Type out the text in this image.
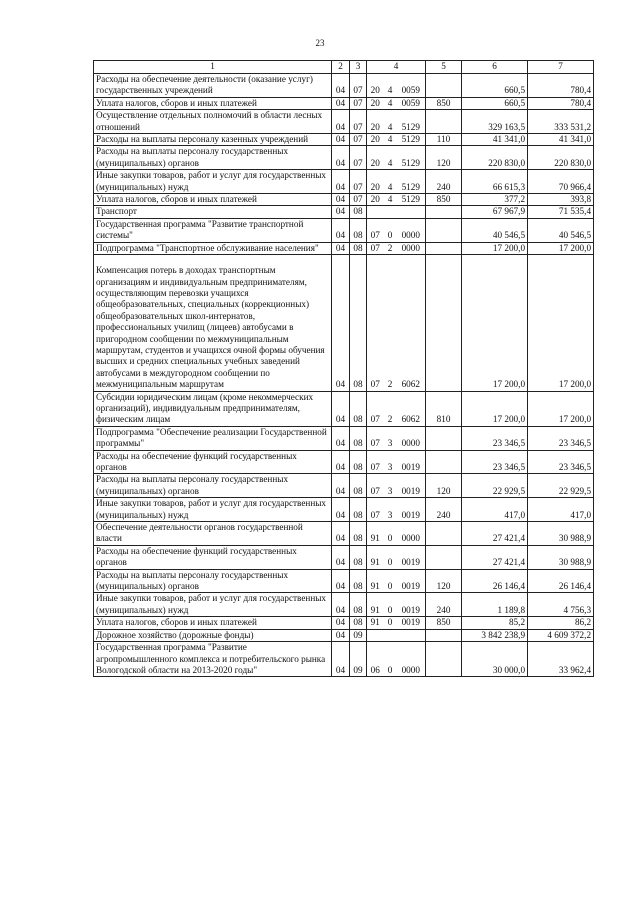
23
1	2	3	4			5	6	7
Расходы на обеспечение деятельности (оказание услуг) государственных учреждений	04	07	20	4	0059		660,5	780,4
Уплата налогов, сборов и иных платежей	04	07	20	4	0059	850	660,5	780,4
Осуществление отдельных полномочий в области лесных отношений	04	07	20	4	5129		329 163,5	333 531,2
Расходы на выплаты персоналу казенных учреждений	04	07	20	4	5129	110	41 341,0	41 341,0
Расходы на выплаты персоналу государственных (муниципальных) органов	04	07	20	4	5129	120	220 830,0	220 830,0
Иные закупки товаров, работ и услуг для государственных (муниципальных) нужд	04	07	20	4	5129	240	66 615,3	70 966,4
Уплата налогов, сборов и иных платежей	04	07	20	4	5129	850	377,2	393,8
Транспорт	04	08					67 967,9	71 535,4
Государственная программа "Развитие транспортной системы"	04	08	07	0	0000		40 546,5	40 546,5
Подпрограмма "Транспортное обслуживание населения"	04	08	07	2	0000		17 200,0	17 200,0
Компенсация потерь в доходах транспортным организациям и индивидуальным предпринимателям, осуществляющим перевозки учащихся общеобразовательных, специальных (коррекционных) общеобразовательных школ-интернатов, профессиональных училищ (лицеев) автобусами в пригородном сообщении по межмуниципальным маршрутам, студентов и учащихся очной формы обучения высших и средних специальных учебных заведений автобусами в междугородном сообщении по межмуниципальным маршрутам	04	08	07	2	6062		17 200,0	17 200,0
Субсидии юридическим лицам (кроме некоммерческих организаций), индивидуальным предпринимателям, физическим лицам	04	08	07	2	6062	810	17 200,0	17 200,0
Подпрограмма "Обеспечение реализации Государственной программы"	04	08	07	3	0000		23 346,5	23 346,5
Расходы на обеспечение функций государственных органов	04	08	07	3	0019		23 346,5	23 346,5
Расходы на выплаты персоналу государственных (муниципальных) органов	04	08	07	3	0019	120	22 929,5	22 929,5
Иные закупки товаров, работ и услуг для государственных (муниципальных) нужд	04	08	07	3	0019	240	417,0	417,0
Обеспечение деятельности органов государственной власти	04	08	91	0	0000		27 421,4	30 988,9
Расходы на обеспечение функций государственных органов	04	08	91	0	0019		27 421,4	30 988,9
Расходы на выплаты персоналу государственных (муниципальных) органов	04	08	91	0	0019	120	26 146,4	26 146,4
Иные закупки товаров, работ и услуг для государственных (муниципальных) нужд	04	08	91	0	0019	240	1 189,8	4 756,3
Уплата налогов, сборов и иных платежей	04	08	91	0	0019	850	85,2	86,2
Дорожное хозяйство (дорожные фонды)	04	09					3 842 238,9	4 609 372,2
Государственная программа "Развитие агропромышленного комплекса и потребительского рынка Вологодской области на 2013-2020 годы"	04	09	06	0	0000		30 000,0	33 962,4
